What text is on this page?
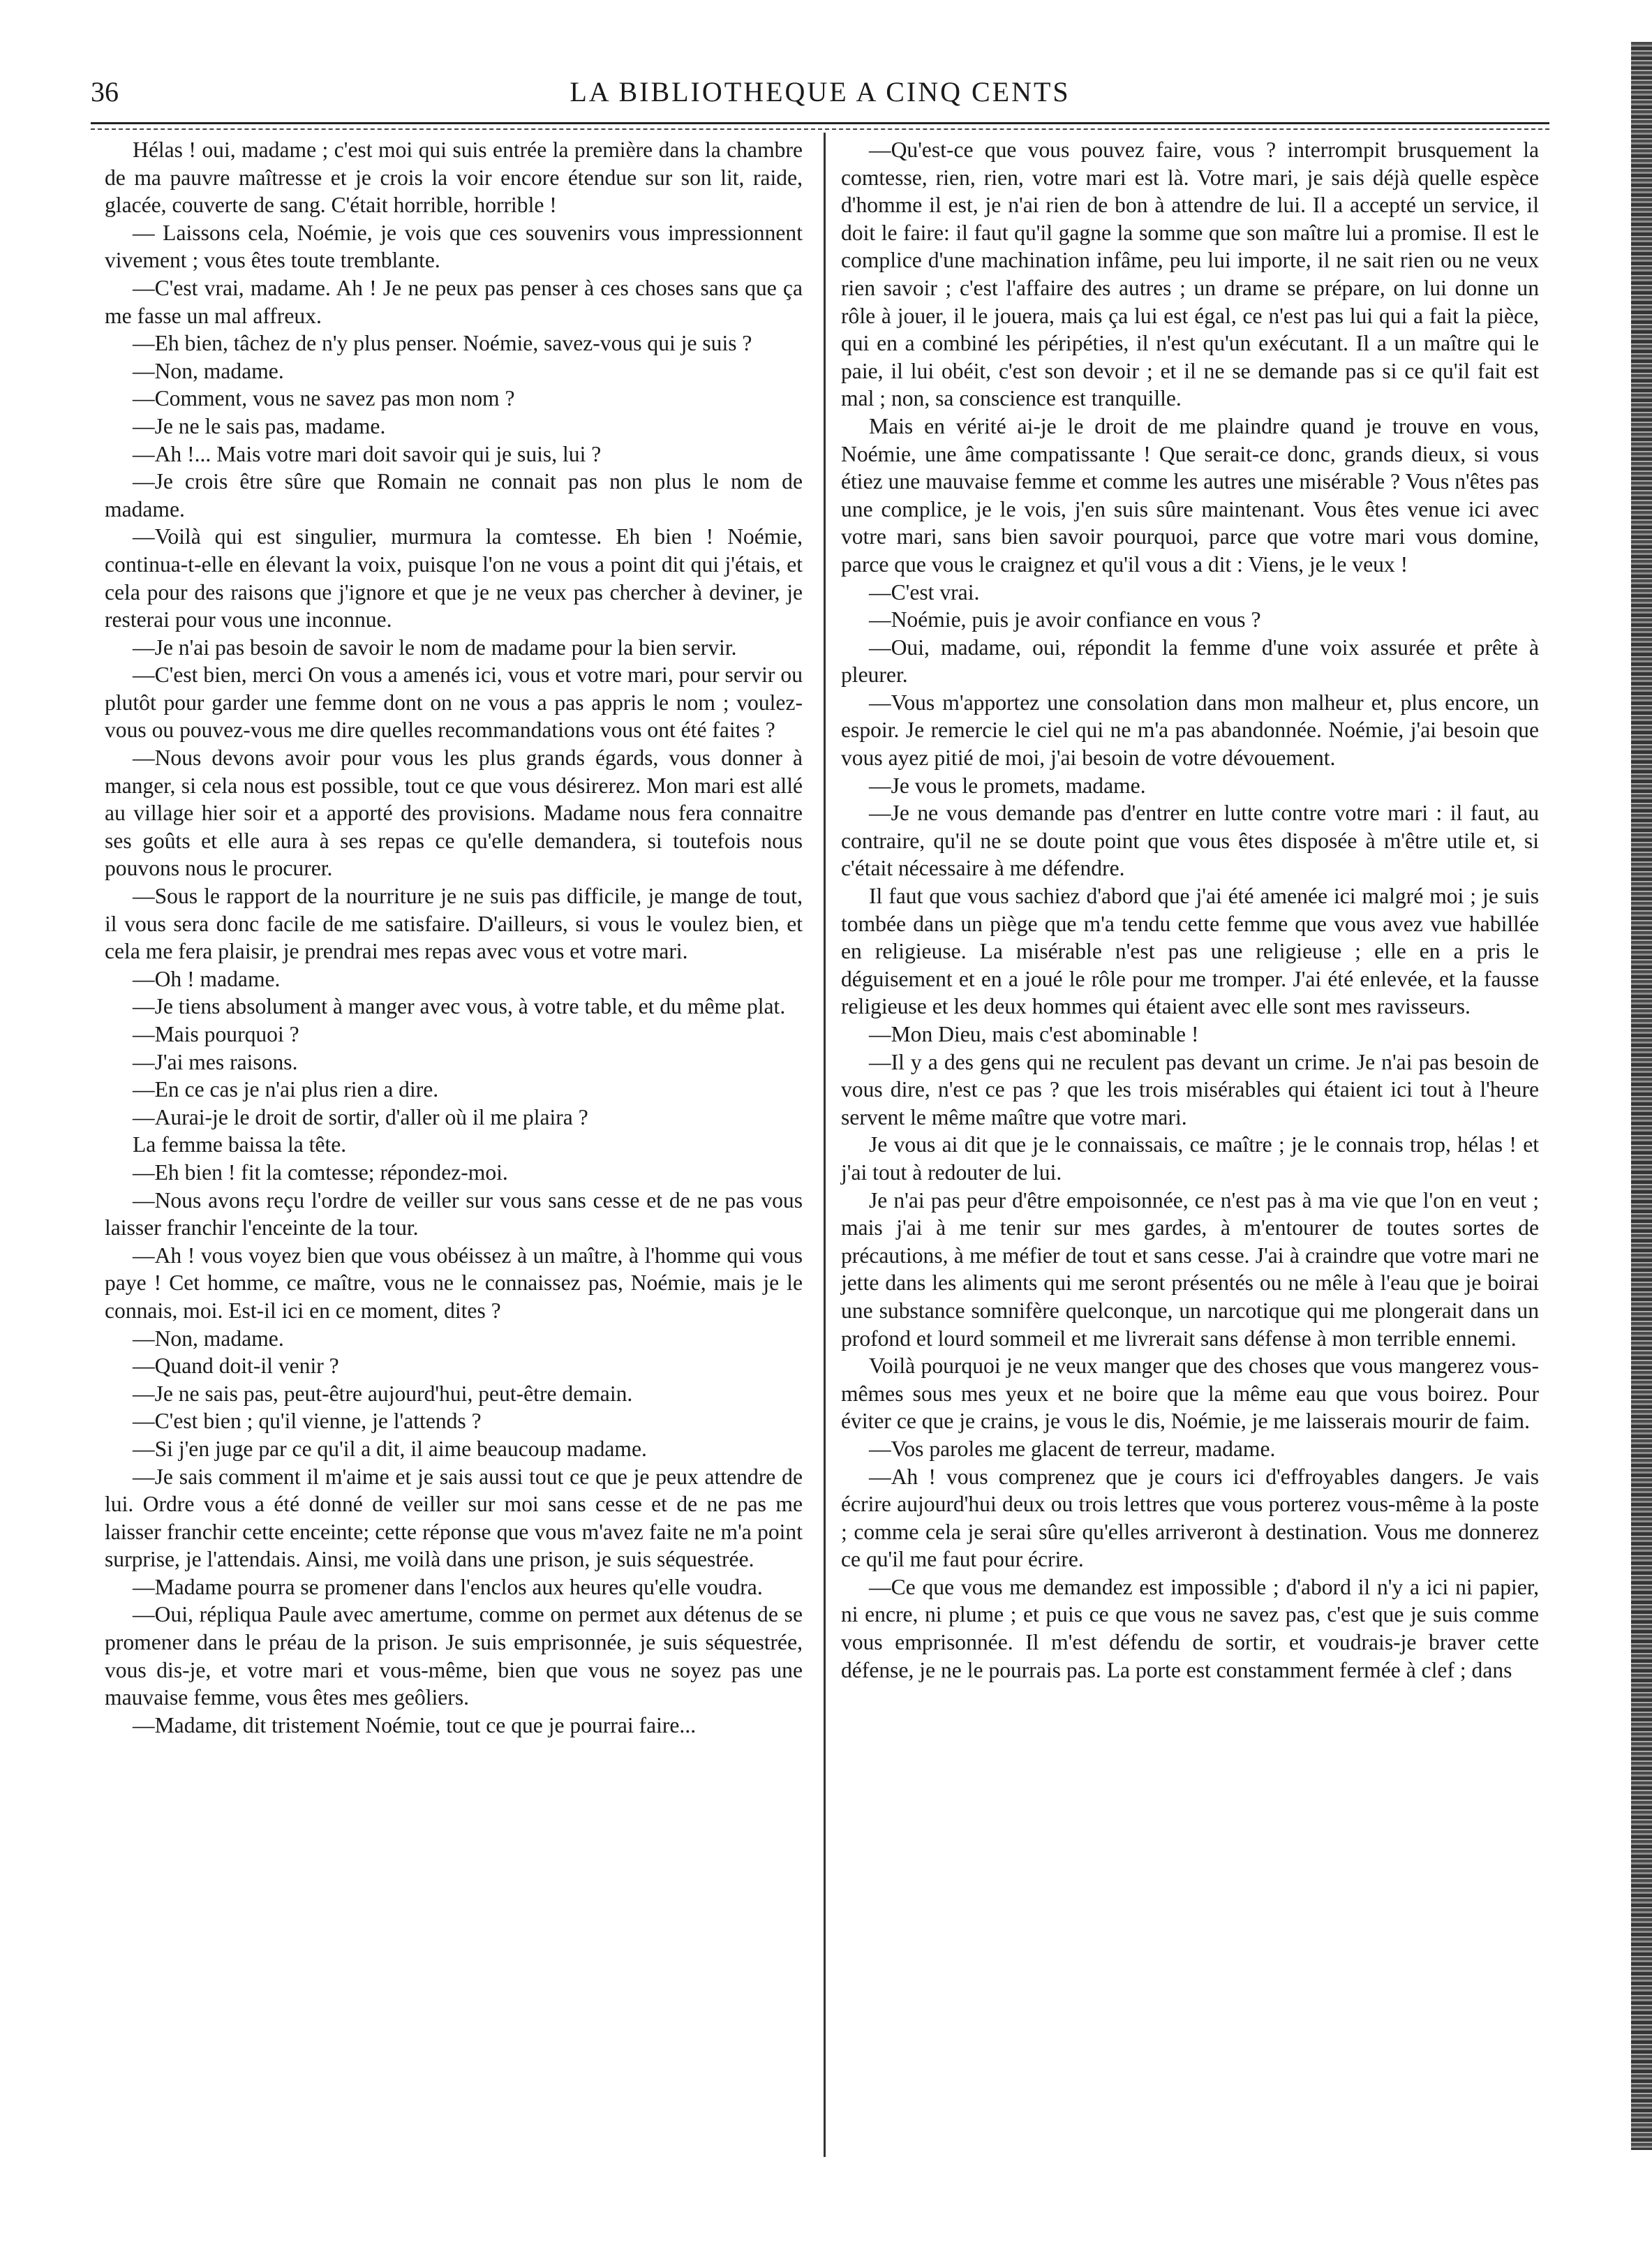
36	LA BIBLIOTHEQUE A CINQ CENTS

Hélas ! oui, madame ; c'est moi qui suis entrée la première dans la chambre de ma pauvre maîtresse et je crois la voir encore étendue sur son lit, raide, glacée, couverte de sang. C'était horrible, horrible !

— Laissons cela, Noémie, je vois que ces souvenirs vous impressionnent vivement ; vous êtes toute tremblante.

—C'est vrai, madame. Ah ! Je ne peux pas penser à ces choses sans que ça me fasse un mal affreux.

—Eh bien, tâchez de n'y plus penser. Noémie, savez-vous qui je suis ?

—Non, madame.

—Comment, vous ne savez pas mon nom ?

—Je ne le sais pas, madame.

—Ah !... Mais votre mari doit savoir qui je suis, lui ?

—Je crois être sûre que Romain ne connait pas non plus le nom de madame.

—Voilà qui est singulier, murmura la comtesse. Eh bien ! Noémie, continua-t-elle en élevant la voix, puisque l'on ne vous a point dit qui j'étais, et cela pour des raisons que j'ignore et que je ne veux pas chercher à deviner, je resterai pour vous une inconnue.

—Je n'ai pas besoin de savoir le nom de madame pour la bien servir.

—C'est bien, merci On vous a amenés ici, vous et votre mari, pour servir ou plutôt pour garder une femme dont on ne vous a pas appris le nom ; voulez-vous ou pouvez-vous me dire quelles recommandations vous ont été faites ?

—Nous devons avoir pour vous les plus grands égards, vous donner à manger, si cela nous est possible, tout ce que vous désirerez. Mon mari est allé au village hier soir et a apporté des provisions. Madame nous fera connaitre ses goûts et elle aura à ses repas ce qu'elle demandera, si toutefois nous pouvons nous le procurer.

—Sous le rapport de la nourriture je ne suis pas difficile, je mange de tout, il vous sera donc facile de me satisfaire. D'ailleurs, si vous le voulez bien, et cela me fera plaisir, je prendrai mes repas avec vous et votre mari.

—Oh ! madame.

—Je tiens absolument à manger avec vous, à votre table, et du même plat.

—Mais pourquoi ?

—J'ai mes raisons.

—En ce cas je n'ai plus rien a dire.

—Aurai-je le droit de sortir, d'aller où il me plaira ?

La femme baissa la tête.

—Eh bien ! fit la comtesse; répondez-moi.

—Nous avons reçu l'ordre de veiller sur vous sans cesse et de ne pas vous laisser franchir l'enceinte de la tour.

—Ah ! vous voyez bien que vous obéissez à un maître, à l'homme qui vous paye ! Cet homme, ce maître, vous ne le connaissez pas, Noémie, mais je le connais, moi. Est-il ici en ce moment, dites ?

—Non, madame.

—Quand doit-il venir ?

—Je ne sais pas, peut-être aujourd'hui, peut-être demain.

—C'est bien ; qu'il vienne, je l'attends ?

—Si j'en juge par ce qu'il a dit, il aime beaucoup madame.

—Je sais comment il m'aime et je sais aussi tout ce que je peux attendre de lui. Ordre vous a été donné de veiller sur moi sans cesse et de ne pas me laisser franchir cette enceinte; cette réponse que vous m'avez faite ne m'a point surprise, je l'attendais. Ainsi, me voilà dans une prison, je suis séquestrée.

—Madame pourra se promener dans l'enclos aux heures qu'elle voudra.

—Oui, répliqua Paule avec amertume, comme on permet aux détenus de se promener dans le préau de la prison. Je suis emprisonnée, je suis séquestrée, vous dis-je, et votre mari et vous-même, bien que vous ne soyez pas une mauvaise femme, vous êtes mes geôliers.

—Madame, dit tristement Noémie, tout ce que je pourrai faire...

—Qu'est-ce que vous pouvez faire, vous ? interrompit brusquement la comtesse, rien, rien, votre mari est là. Votre mari, je sais déjà quelle espèce d'homme il est, je n'ai rien de bon à attendre de lui. Il a accepté un service, il doit le faire: il faut qu'il gagne la somme que son maître lui a promise. Il est le complice d'une machination infâme, peu lui importe, il ne sait rien ou ne veux rien savoir ; c'est l'affaire des autres ; un drame se prépare, on lui donne un rôle à jouer, il le jouera, mais ça lui est égal, ce n'est pas lui qui a fait la pièce, qui en a combiné les péripéties, il n'est qu'un exécutant. Il a un maître qui le paie, il lui obéit, c'est son devoir ; et il ne se demande pas si ce qu'il fait est mal ; non, sa conscience est tranquille.

Mais en vérité ai-je le droit de me plaindre quand je trouve en vous, Noémie, une âme compatissante ! Que serait-ce donc, grands dieux, si vous étiez une mauvaise femme et comme les autres une misérable ? Vous n'êtes pas une complice, je le vois, j'en suis sûre maintenant. Vous êtes venue ici avec votre mari, sans bien savoir pourquoi, parce que votre mari vous domine, parce que vous le craignez et qu'il vous a dit : Viens, je le veux !

—C'est vrai.

—Noémie, puis je avoir confiance en vous ?

—Oui, madame, oui, répondit la femme d'une voix assurée et prête à pleurer.

—Vous m'apportez une consolation dans mon malheur et, plus encore, un espoir. Je remercie le ciel qui ne m'a pas abandonnée. Noémie, j'ai besoin que vous ayez pitié de moi, j'ai besoin de votre dévouement.

—Je vous le promets, madame.

—Je ne vous demande pas d'entrer en lutte contre votre mari : il faut, au contraire, qu'il ne se doute point que vous êtes disposée à m'être utile et, si c'était nécessaire à me défendre.

Il faut que vous sachiez d'abord que j'ai été amenée ici malgré moi ; je suis tombée dans un piège que m'a tendu cette femme que vous avez vue habillée en religieuse. La misérable n'est pas une religieuse ; elle en a pris le déguisement et en a joué le rôle pour me tromper. J'ai été enlevée, et la fausse religieuse et les deux hommes qui étaient avec elle sont mes ravisseurs.

—Mon Dieu, mais c'est abominable !

—Il y a des gens qui ne reculent pas devant un crime. Je n'ai pas besoin de vous dire, n'est ce pas ? que les trois misérables qui étaient ici tout à l'heure servent le même maître que votre mari.

Je vous ai dit que je le connaissais, ce maître ; je le connais trop, hélas ! et j'ai tout à redouter de lui.

Je n'ai pas peur d'être empoisonnée, ce n'est pas à ma vie que l'on en veut ; mais j'ai à me tenir sur mes gardes, à m'entourer de toutes sortes de précautions, à me méfier de tout et sans cesse. J'ai à craindre que votre mari ne jette dans les aliments qui me seront présentés ou ne mêle à l'eau que je boirai une substance somnifère quelconque, un narcotique qui me plongerait dans un profond et lourd sommeil et me livrerait sans défense à mon terrible ennemi.

Voilà pourquoi je ne veux manger que des choses que vous mangerez vous-mêmes sous mes yeux et ne boire que la même eau que vous boirez. Pour éviter ce que je crains, je vous le dis, Noémie, je me laisserais mourir de faim.

—Vos paroles me glacent de terreur, madame.

—Ah ! vous comprenez que je cours ici d'effroyables dangers. Je vais écrire aujourd'hui deux ou trois lettres que vous porterez vous-même à la poste ; comme cela je serai sûre qu'elles arriveront à destination. Vous me donnerez ce qu'il me faut pour écrire.

—Ce que vous me demandez est impossible ; d'abord il n'y a ici ni papier, ni encre, ni plume ; et puis ce que vous ne savez pas, c'est que je suis comme vous emprisonnée. Il m'est défendu de sortir, et voudrais-je braver cette défense, je ne le pourrais pas. La porte est constamment fermée à clef ; dans
